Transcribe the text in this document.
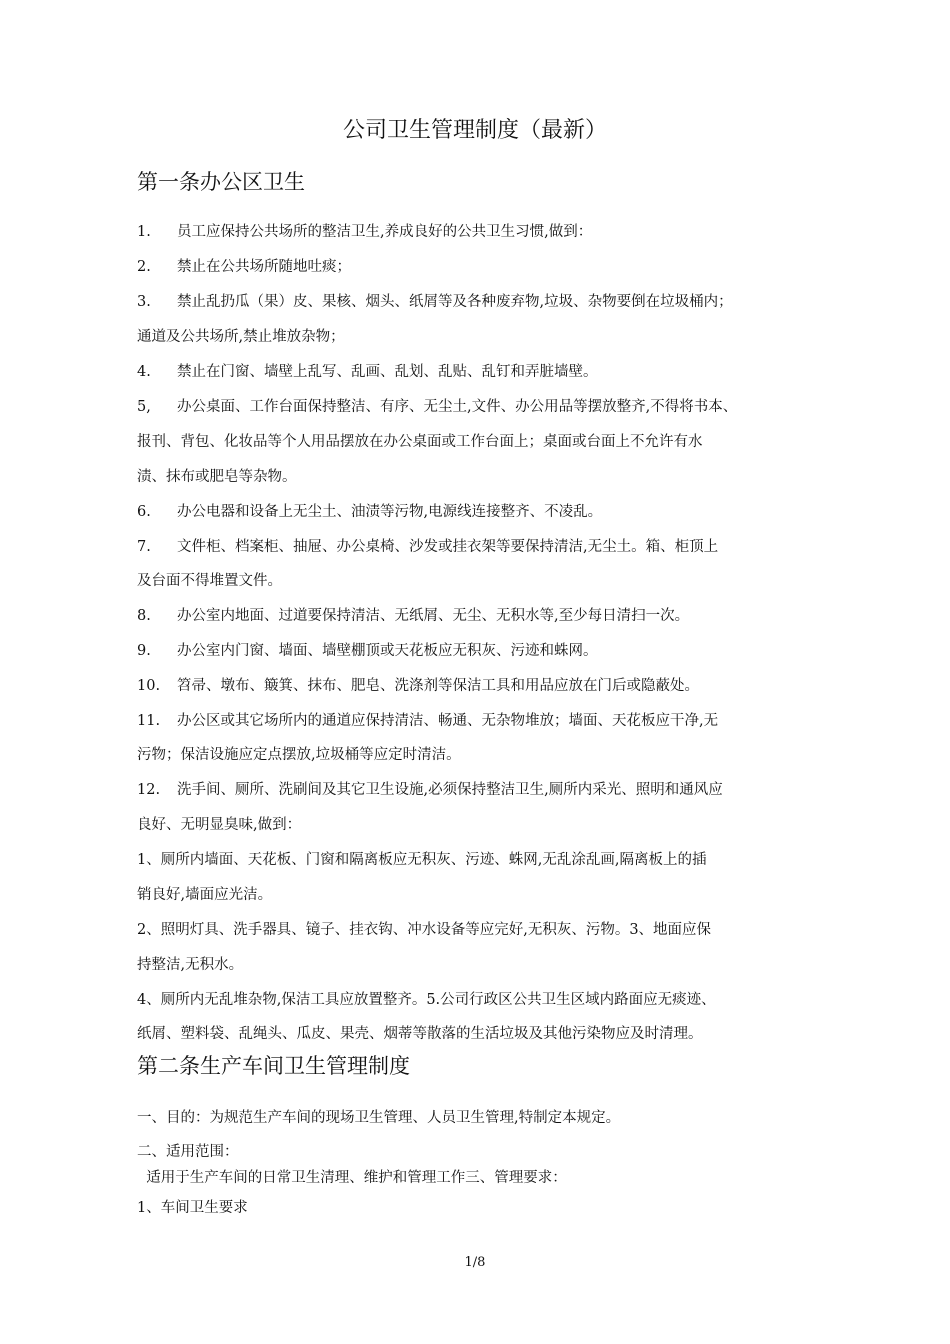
公司卫生管理制度（最新）
第一条办公区卫生
1. 员工应保持公共场所的整洁卫生,养成良好的公共卫生习惯,做到：
2. 禁止在公共场所随地吐痰；
3. 禁止乱扔瓜（果）皮、果核、烟头、纸屑等及各种废弃物,垃圾、杂物要倒在垃圾桶内；
通道及公共场所,禁止堆放杂物；
4. 禁止在门窗、墙壁上乱写、乱画、乱划、乱贴、乱钉和弄脏墙壁。
5, 办公桌面、工作台面保持整洁、有序、无尘土,文件、办公用品等摆放整齐,不得将书本、
报刊、背包、化妆品等个人用品摆放在办公桌面或工作台面上；桌面或台面上不允许有水
渍、抹布或肥皂等杂物。
6. 办公电器和设备上无尘土、油渍等污物,电源线连接整齐、不凌乱。
7. 文件柜、档案柜、抽屉、办公桌椅、沙发或挂衣架等要保持清洁,无尘土。箱、柜顶上
及台面不得堆置文件。
8. 办公室内地面、过道要保持清洁、无纸屑、无尘、无积水等,至少每日清扫一次。
9. 办公室内门窗、墙面、墙壁棚顶或天花板应无积灰、污迹和蛛网。
10. 笤帚、墩布、簸箕、抹布、肥皂、洗涤剂等保洁工具和用品应放在门后或隐蔽处。
11. 办公区或其它场所内的通道应保持清洁、畅通、无杂物堆放；墙面、天花板应干净,无
污物；保洁设施应定点摆放,垃圾桶等应定时清洁。
12. 洗手间、厕所、洗刷间及其它卫生设施,必须保持整洁卫生,厕所内采光、照明和通风应
良好、无明显臭味,做到：
1、厕所内墙面、天花板、门窗和隔离板应无积灰、污迹、蛛网,无乱涂乱画,隔离板上的插
销良好,墙面应光洁。
2、照明灯具、洗手器具、镜子、挂衣钩、冲水设备等应完好,无积灰、污物。3、地面应保
持整洁,无积水。
4、厕所内无乱堆杂物,保洁工具应放置整齐。5.公司行政区公共卫生区域内路面应无痰迹、
纸屑、塑料袋、乱绳头、瓜皮、果壳、烟蒂等散落的生活垃圾及其他污染物应及时清理。
第二条生产车间卫生管理制度
一、目的：为规范生产车间的现场卫生管理、人员卫生管理,特制定本规定。
二、适用范围：
适用于生产车间的日常卫生清理、维护和管理工作三、管理要求：
1、车间卫生要求
1/8
